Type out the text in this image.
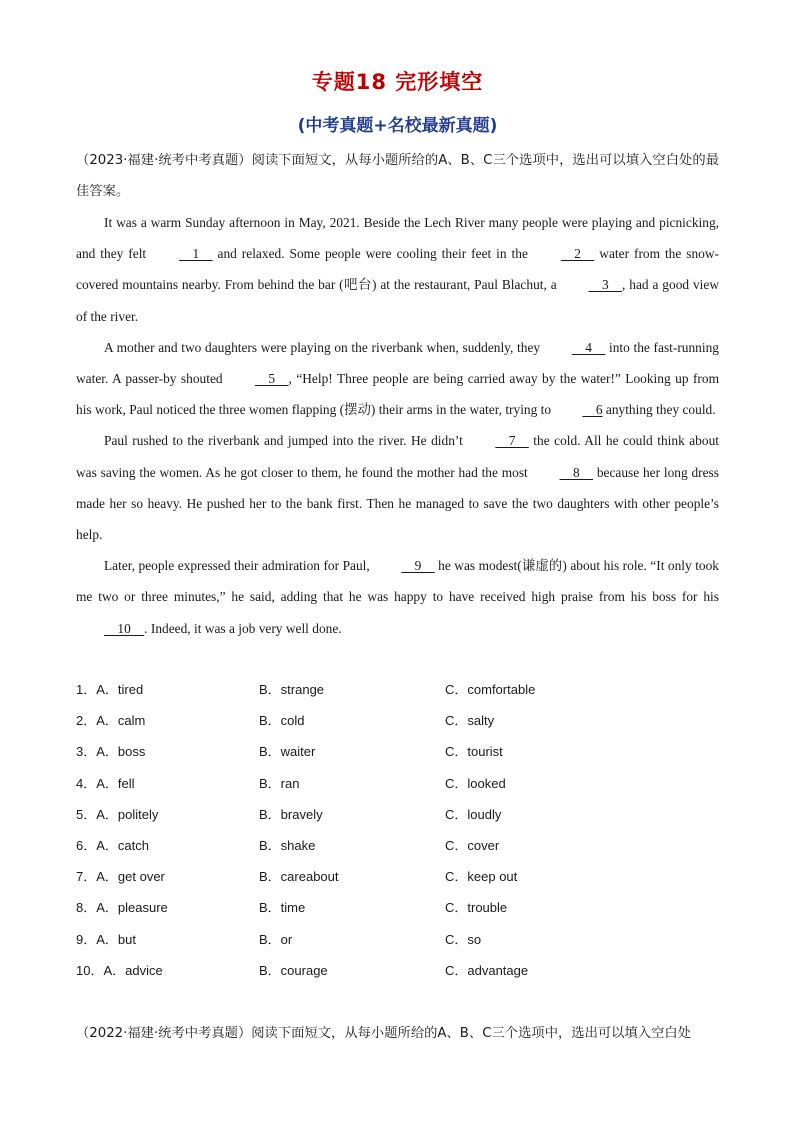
专题18 完形填空
(中考真题+名校最新真题)
（2023·福建·统考中考真题）阅读下面短文，从每小题所给的A、B、C三个选项中，选出可以填入空白处的最佳答案。

It was a warm Sunday afternoon in May, 2021. Beside the Lech River many people were playing and picnicking, and they felt     1     and relaxed. Some people were cooling their feet in the     2     water from the snow-covered mountains nearby. From behind the bar (吧台) at the restaurant, Paul Blachut, a     3    , had a good view of the river.

A mother and two daughters were playing on the riverbank when, suddenly, they     4     into the fast-running water. A passer-by shouted     5    , “Help! Three people are being carried away by the water!” Looking up from his work, Paul noticed the three women flapping (摆动) their arms in the water, trying to     6 anything they could.

Paul rushed to the riverbank and jumped into the river. He didn’t     7     the cold. All he could think about was saving the women. As he got closer to them, he found the mother had the most     8     because her long dress made her so heavy. He pushed her to the bank first. Then he managed to save the two daughters with other people’s help.

Later, people expressed their admiration for Paul,     9     he was modest(谦虚的) about his role. “It only took me two or three minutes,” he said, adding that he was happy to have received high praise from his boss for his     10    . Indeed, it was a job very well done.

1．A．tired	B．strange	C．comfortable
2．A．calm	B．cold	C．salty
3．A．boss	B．waiter	C．tourist
4．A．fell	B．ran	C．looked
5．A．politely	B．bravely	C．loudly
6．A．catch	B．shake	C．cover
7．A．get over	B．careabout	C．keep out
8．A．pleasure	B．time	C．trouble
9．A．but	B．or	C．so
10．A．advice	B．courage	C．advantage
（2022·福建·统考中考真题）阅读下面短文，从每小题所给的A、B、C三个选项中，选出可以填入空白处
